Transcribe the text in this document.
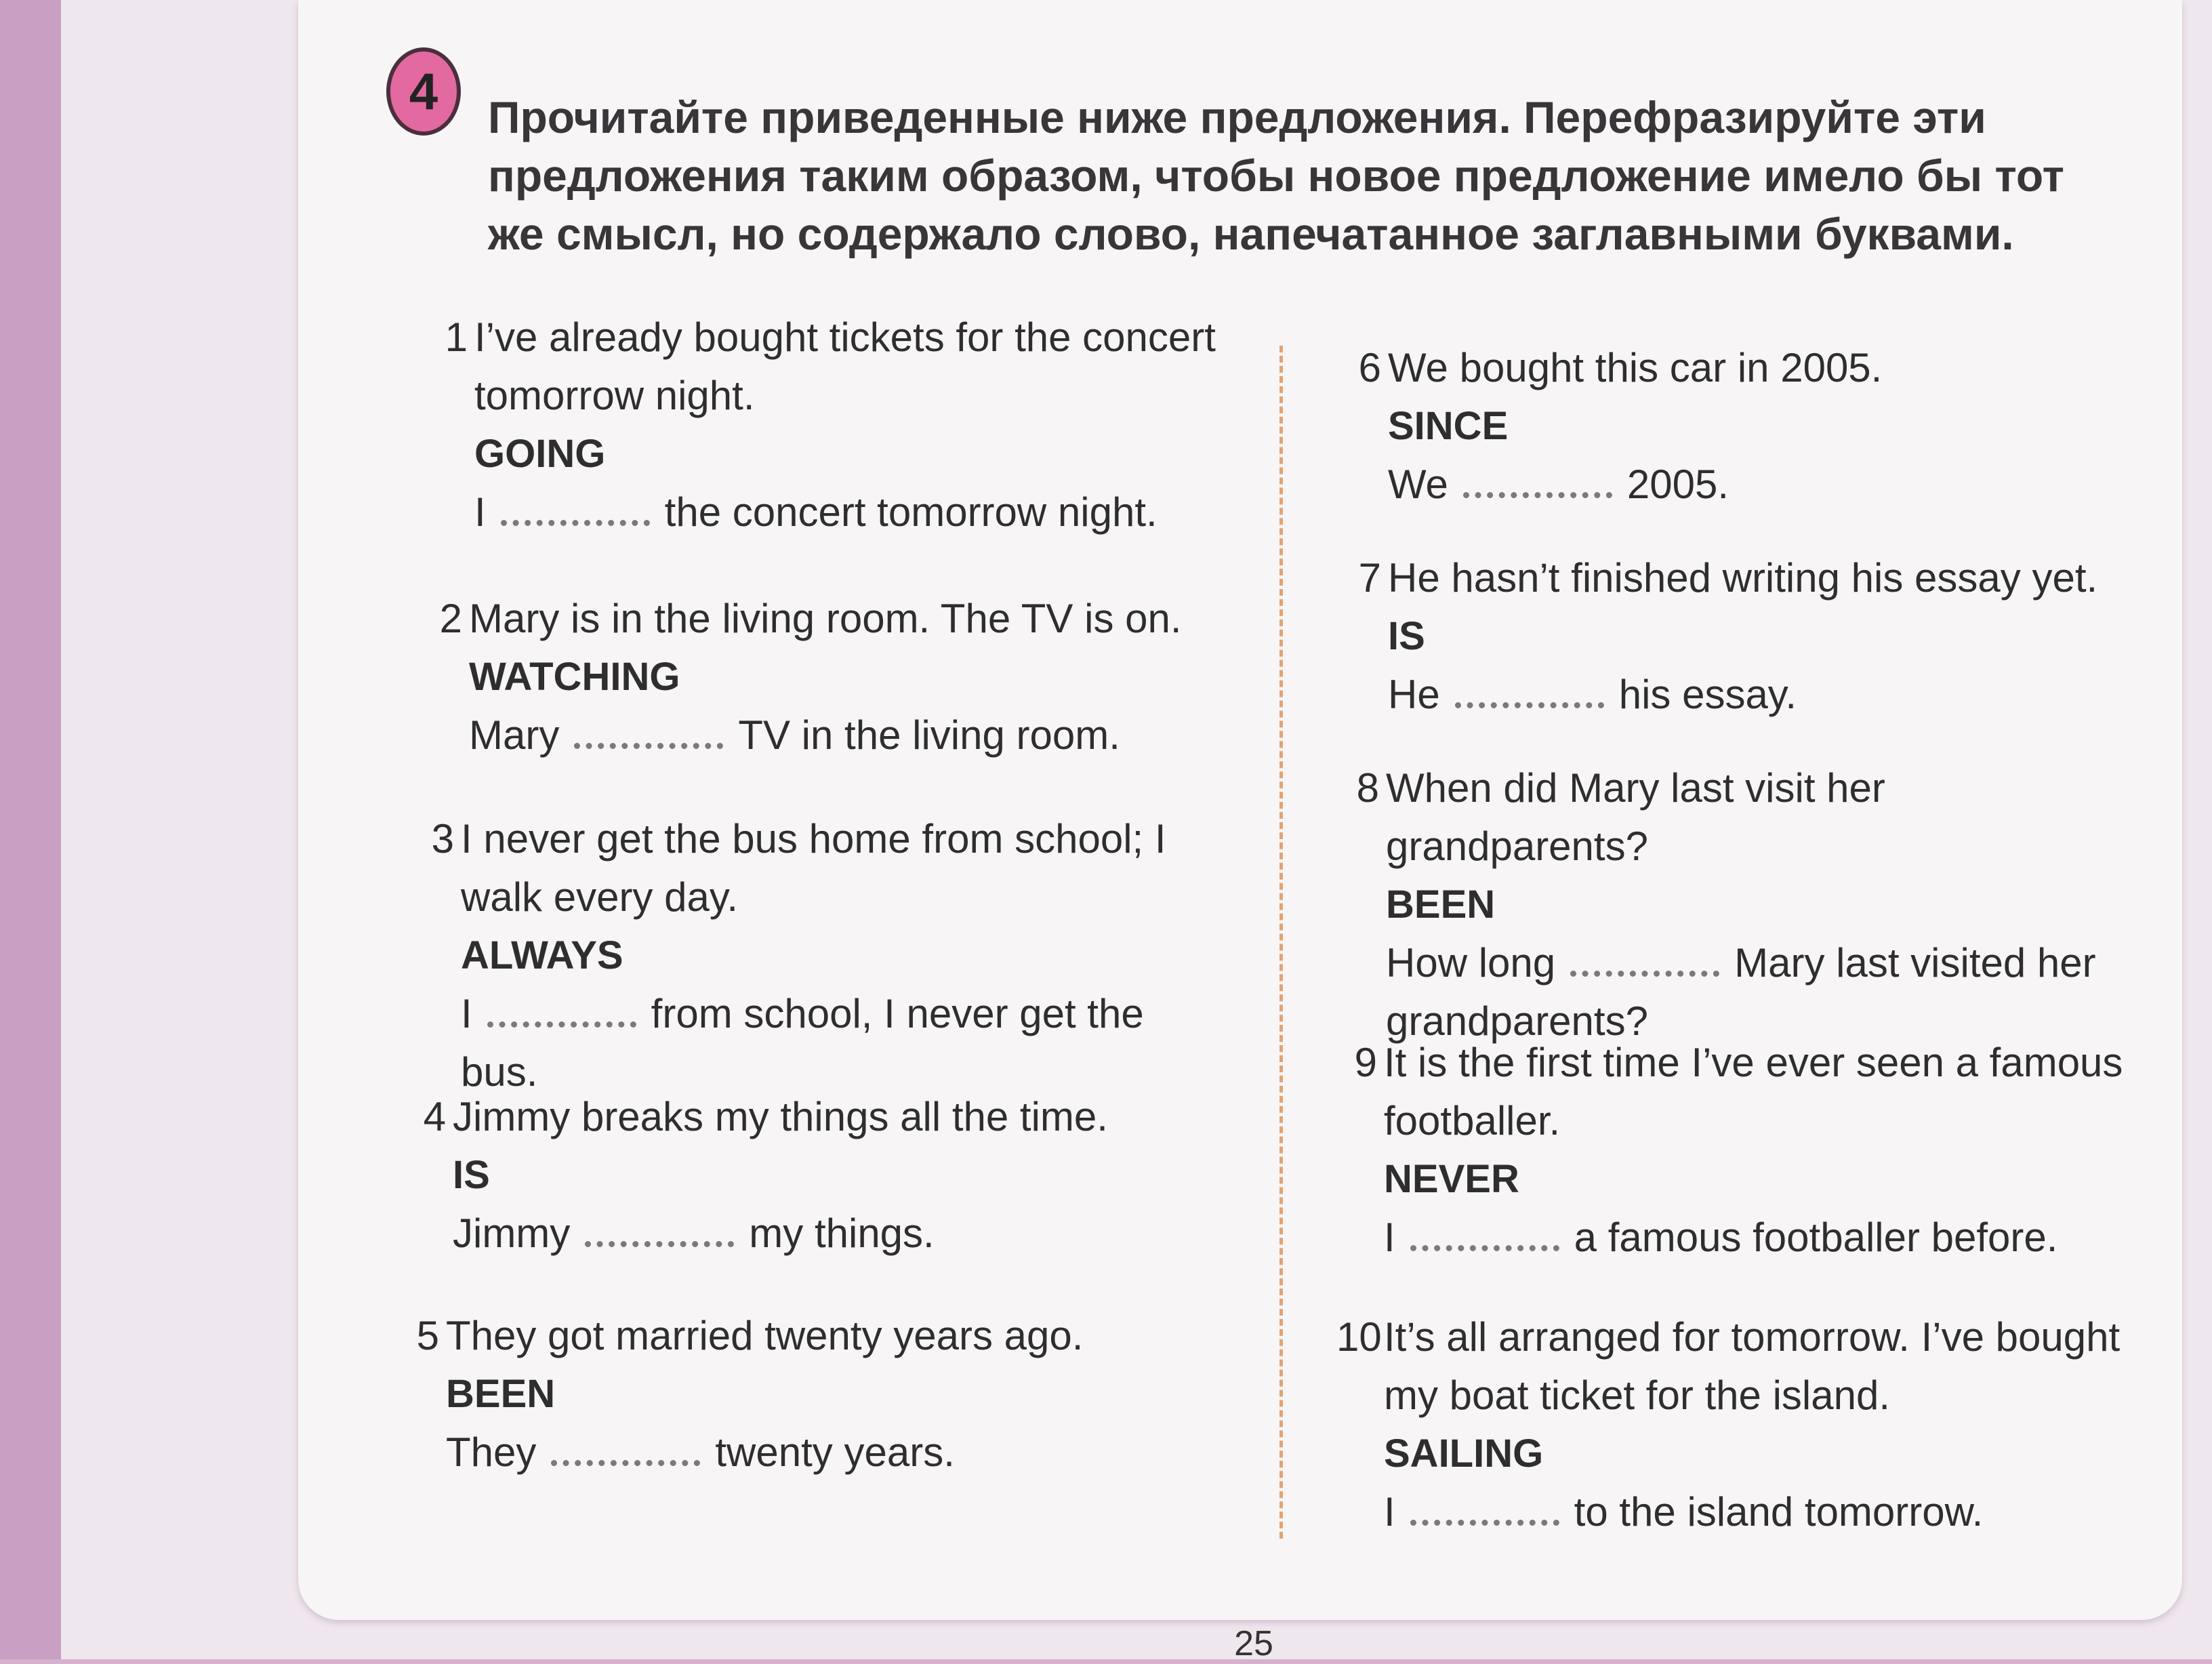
4 Прочитайте приведенные ниже предложения. Перефразируйте эти предложения таким образом, чтобы новое предложение имело бы тот же смысл, но содержало слово, напечатанное заглавными буквами.
1 I’ve already bought tickets for the concert tomorrow night.
GOING
I	the concert tomorrow night.
2 Mary is in the living room. The TV is on.
WATCHING
Mary	TV in the living room.
3 I never get the bus home from school; I walk every day.
ALWAYS
I	from school, I never get the bus.
4 Jimmy breaks my things all the time.
IS
Jimmy	my things.
5 They got married twenty years ago.
BEEN
They	twenty years.
6 We bought this car in 2005.
SINCE
We	2005.
7 He hasn’t finished writing his essay yet.
IS
He	his essay.
8 When did Mary last visit her grandparents?
BEEN
How long	Mary last visited her grandparents?
9 It is the first time I’ve ever seen a famous footballer.
NEVER
I	a famous footballer before.
10 It’s all arranged for tomorrow. I’ve bought my boat ticket for the island.
SAILING
I	to the island tomorrow.
25
